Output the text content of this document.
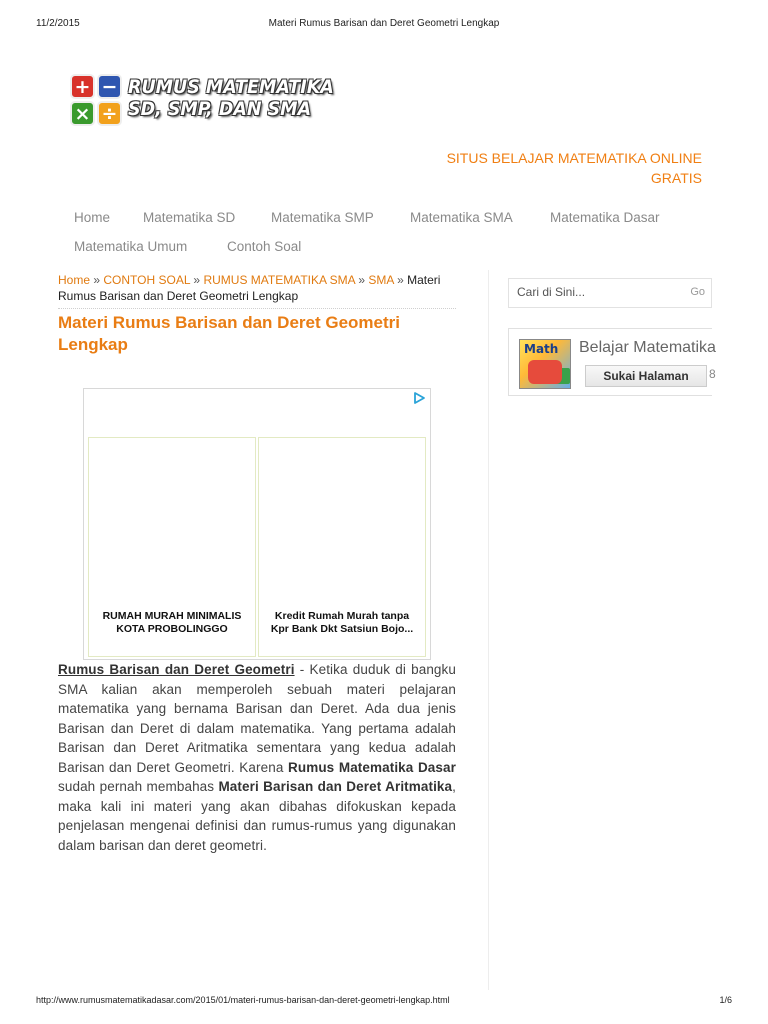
11/2/2015	Materi Rumus Barisan dan Deret Geometri Lengkap
+ −
× ÷
RUMUS MATEMATIKA
SD, SMP, DAN SMA
SITUS BELAJAR MATEMATIKA ONLINE
GRATIS
Home Matematika SD	Matematika SMP	Matematika SMA	Matematika Dasar
Matematika Umum	Contoh Soal
Home » CONTOH SOAL » RUMUS MATEMATIKA SMA » SMA » Materi Rumus Barisan dan Deret Geometri Lengkap
Materi Rumus Barisan dan Deret Geometri Lengkap
RUMAH MURAH MINIMALIS
KOTA PROBOLINGGO
Kredit Rumah Murah tanpa
Kpr Bank Dkt Satsiun Bojo...
Rumus Barisan dan Deret Geometri - Ketika duduk di bangku SMA kalian akan memperoleh sebuah materi pelajaran matematika yang bernama Barisan dan Deret. Ada dua jenis Barisan dan Deret di dalam matematika. Yang pertama adalah Barisan dan Deret Aritmatika sementara yang kedua adalah Barisan dan Deret Geometri. Karena Rumus Matematika Dasar sudah pernah membahas Materi Barisan dan Deret Aritmatika, maka kali ini materi yang akan dibahas difokuskan kepada penjelasan mengenai definisi dan rumus-rumus yang digunakan dalam barisan dan deret geometri.
Cari di Sini...
Go
Math Belajar Matematika
Sukai Halaman	8
http://www.rumusmatematikadasar.com/2015/01/materi-rumus-barisan-dan-deret-geometri-lengkap.html	1/6
